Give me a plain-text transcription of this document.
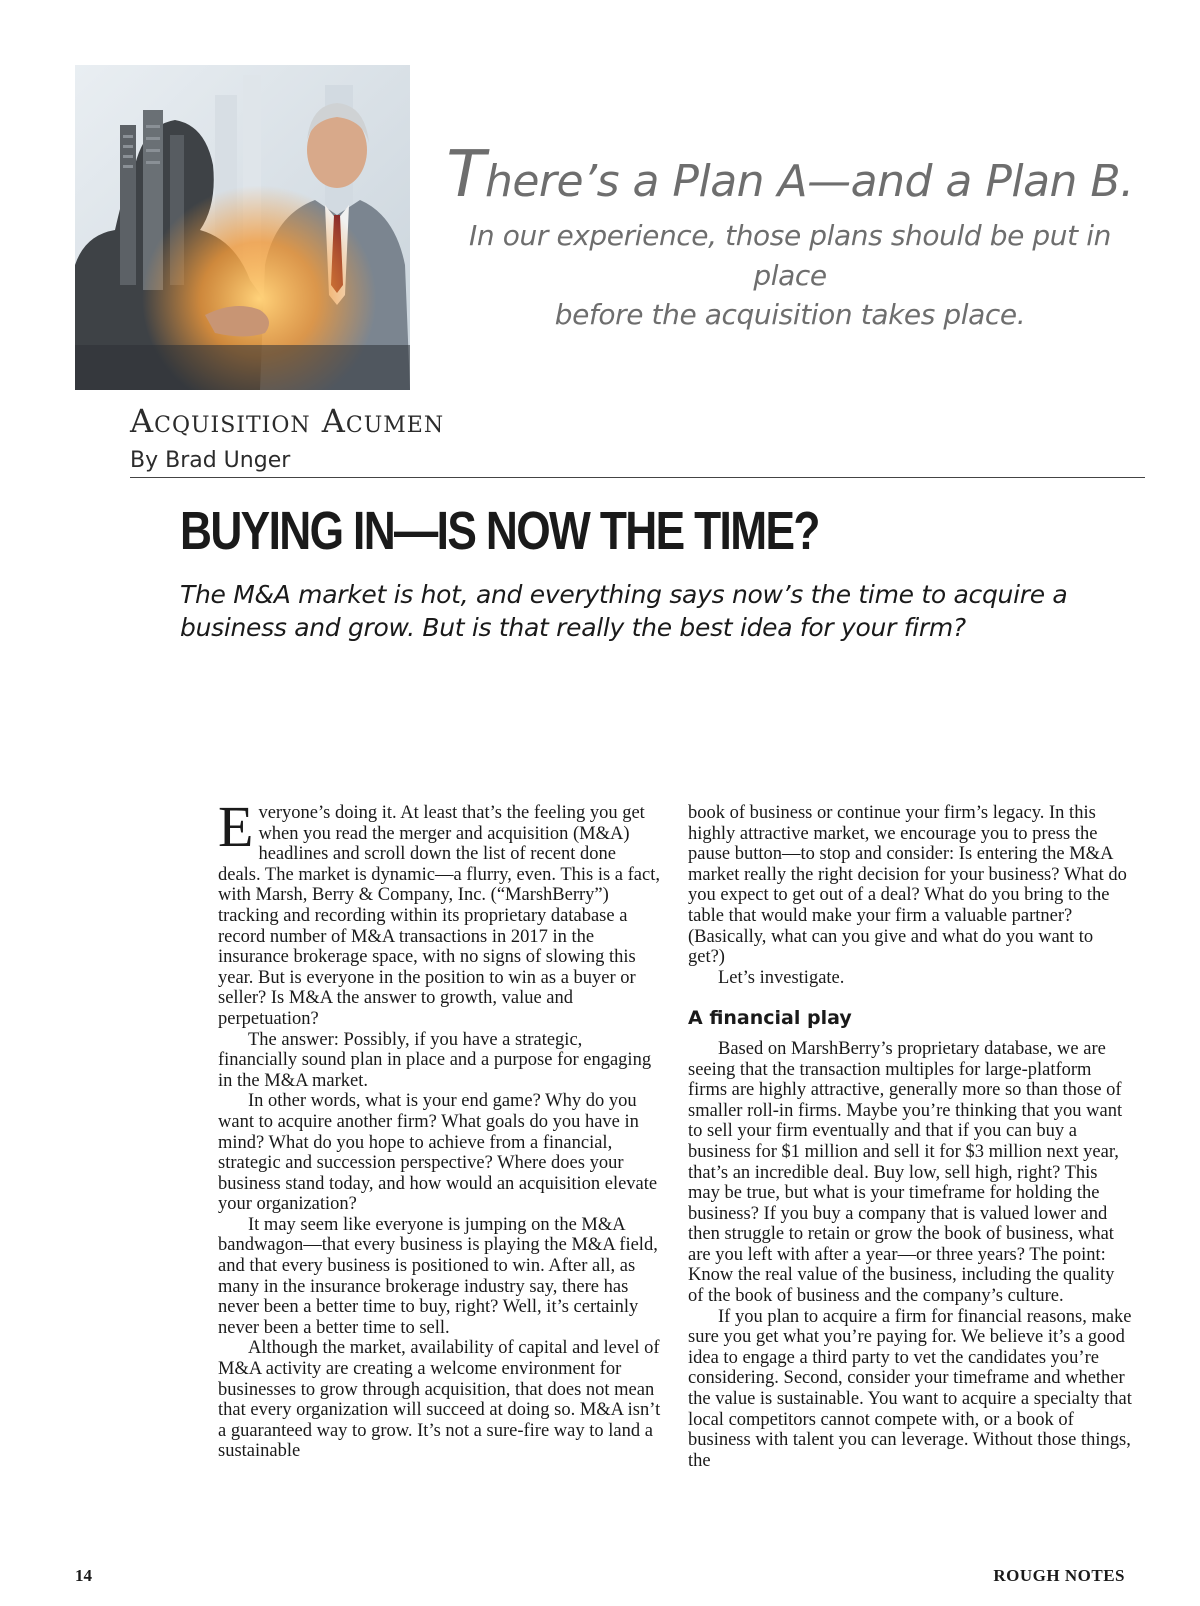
There’s a Plan A—and a Plan B.
In our experience, those plans should be put in place
before the acquisition takes place.
Acquisition Acumen
By Brad Unger
BUYING IN—IS NOW THE TIME?
The M&A market is hot, and everything says now’s the time to acquire a business and grow. But is that really the best idea for your firm?

Everyone’s doing it. At least that’s the feeling you get when you read the merger and acquisition (M&A) headlines and scroll down the list of recent done deals. The market is dynamic—a flurry, even. This is a fact, with Marsh, Berry & Company, Inc. (“MarshBerry”) tracking and recording within its proprietary database a record number of M&A transactions in 2017 in the insurance brokerage space, with no signs of slowing this year. But is everyone in the position to win as a buyer or seller? Is M&A the answer to growth, value and perpetuation?

The answer: Possibly, if you have a strategic, financially sound plan in place and a purpose for engaging in the M&A market.

In other words, what is your end game? Why do you want to acquire another firm? What goals do you have in mind? What do you hope to achieve from a financial, strategic and succession perspective? Where does your business stand today, and how would an acquisition elevate your organization?

It may seem like everyone is jumping on the M&A bandwagon—that every business is playing the M&A field, and that every business is positioned to win. After all, as many in the insurance brokerage industry say, there has never been a better time to buy, right? Well, it’s certainly never been a better time to sell.

Although the market, availability of capital and level of M&A activity are creating a welcome environment for businesses to grow through acquisition, that does not mean that every organization will succeed at doing so. M&A isn’t a guaranteed way to grow. It’s not a sure-fire way to land a sustainable

book of business or continue your firm’s legacy. In this highly attractive market, we encourage you to press the pause button—to stop and consider: Is entering the M&A market really the right decision for your business? What do you expect to get out of a deal? What do you bring to the table that would make your firm a valuable partner? (Basically, what can you give and what do you want to get?)

Let’s investigate.

A financial play

Based on MarshBerry’s proprietary database, we are seeing that the transaction multiples for large-platform firms are highly attractive, generally more so than those of smaller roll-in firms. Maybe you’re thinking that you want to sell your firm eventually and that if you can buy a business for $1 million and sell it for $3 million next year, that’s an incredible deal. Buy low, sell high, right? This may be true, but what is your timeframe for holding the business? If you buy a company that is valued lower and then struggle to retain or grow the book of business, what are you left with after a year—or three years? The point: Know the real value of the business, including the quality of the book of business and the company’s culture.

If you plan to acquire a firm for financial reasons, make sure you get what you’re paying for. We believe it’s a good idea to engage a third party to vet the candidates you’re considering. Second, consider your timeframe and whether the value is sustainable. You want to acquire a specialty that local competitors cannot compete with, or a book of business with talent you can leverage. Without those things, the

14	ROUGH NOTES
